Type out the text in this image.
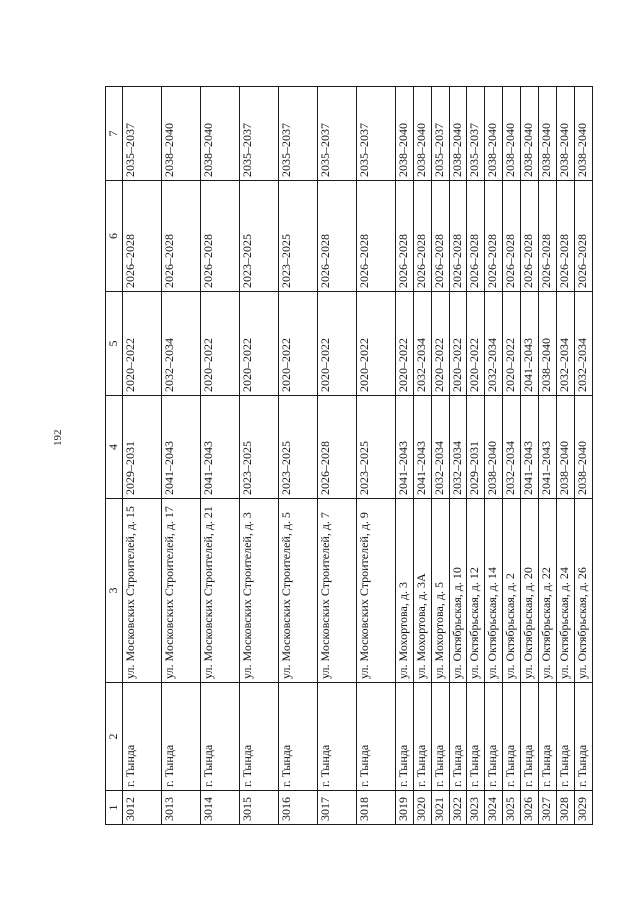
192
1	2	3	4	5	6	7
3012	г. Тында	ул. Московских Строителей, д. 15	2029–2031	2020–2022	2026–2028	2035–2037
3013	г. Тында	ул. Московских Строителей, д. 17	2041–2043	2032–2034	2026–2028	2038–2040
3014	г. Тында	ул. Московских Строителей, д. 21	2041–2043	2020–2022	2026–2028	2038–2040
3015	г. Тында	ул. Московских Строителей, д. 3	2023–2025	2020–2022	2023–2025	2035–2037
3016	г. Тында	ул. Московских Строителей, д. 5	2023–2025	2020–2022	2023–2025	2035–2037
3017	г. Тында	ул. Московских Строителей, д. 7	2026–2028	2020–2022	2026–2028	2035–2037
3018	г. Тында	ул. Московских Строителей, д. 9	2023–2025	2020–2022	2026–2028	2035–2037
3019	г. Тында	ул. Мохортова, д. 3	2041–2043	2020–2022	2026–2028	2038–2040
3020	г. Тында	ул. Мохортова, д. 3А	2041–2043	2032–2034	2026–2028	2038–2040
3021	г. Тында	ул. Мохортова, д. 5	2032–2034	2020–2022	2026–2028	2035–2037
3022	г. Тында	ул. Октябрьская, д. 10	2032–2034	2020–2022	2026–2028	2038–2040
3023	г. Тында	ул. Октябрьская, д. 12	2029–2031	2020–2022	2026–2028	2035–2037
3024	г. Тында	ул. Октябрьская, д. 14	2038–2040	2032–2034	2026–2028	2038–2040
3025	г. Тында	ул. Октябрьская, д. 2	2032–2034	2020–2022	2026–2028	2038–2040
3026	г. Тында	ул. Октябрьская, д. 20	2041–2043	2041–2043	2026–2028	2038–2040
3027	г. Тында	ул. Октябрьская, д. 22	2041–2043	2038–2040	2026–2028	2038–2040
3028	г. Тында	ул. Октябрьская, д. 24	2038–2040	2032–2034	2026–2028	2038–2040
3029	г. Тында	ул. Октябрьская, д. 26	2038–2040	2032–2034	2026–2028	2038–2040
